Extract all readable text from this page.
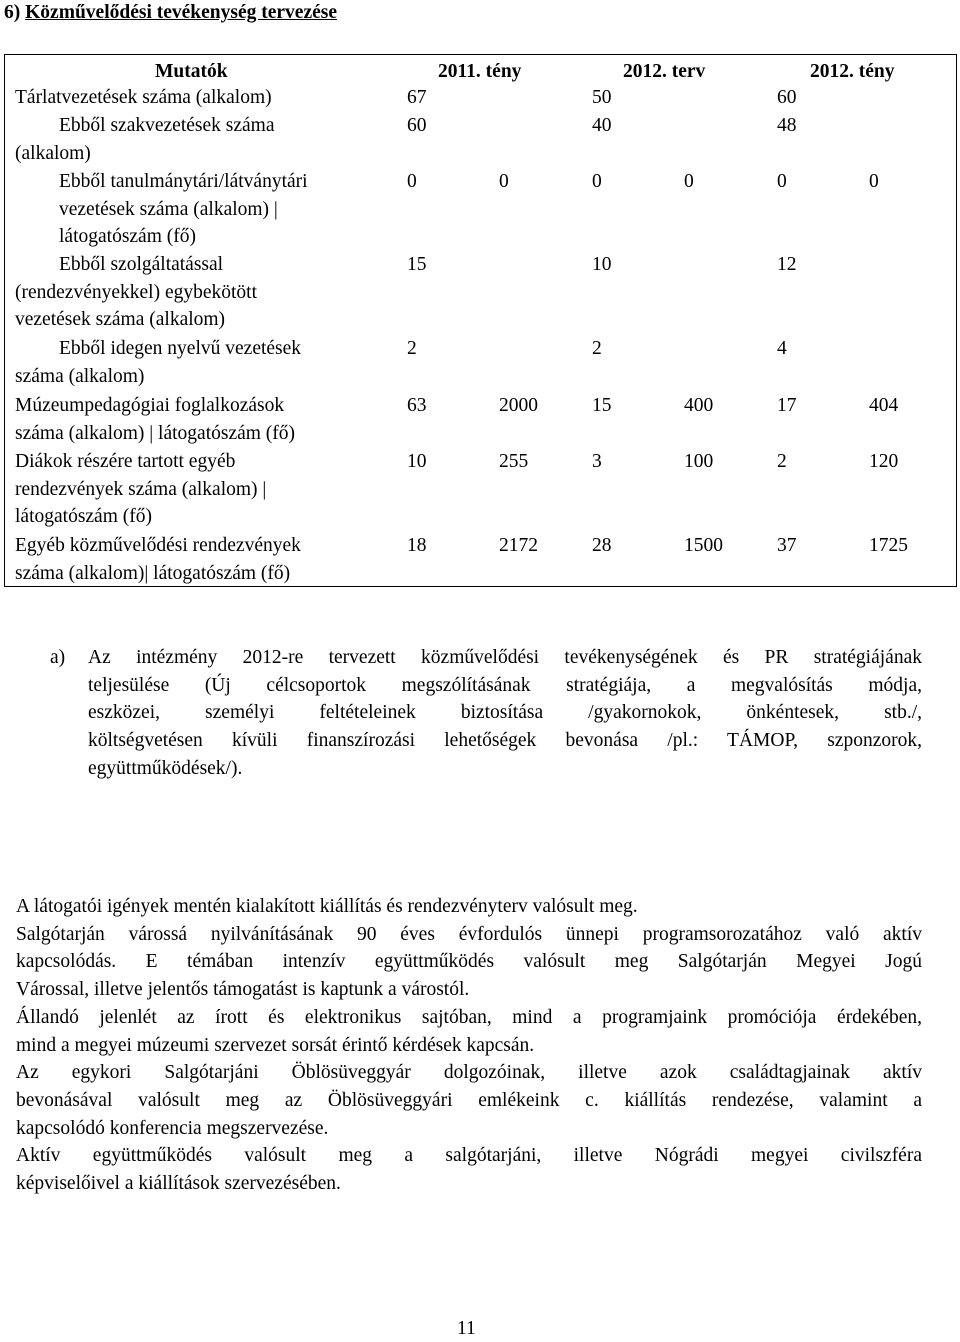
6) Közművelődési tevékenység tervezése
Mutatók	2011. tény	2012. terv	2012. tény
Tárlatvezetések száma (alkalom)	67	50	60
Ebből szakvezetések száma
(alkalom)
60	40	48
Ebből tanulmánytári/látványtári
vezetések száma (alkalom) |
látogatószám (fő)
0	0	0	0	0	0
Ebből szolgáltatással
(rendezvényekkel) egybekötött
vezetések száma (alkalom)
15	10	12
Ebből idegen nyelvű vezetések
száma (alkalom)
2	2	4
Múzeumpedagógiai foglalkozások
száma (alkalom) | látogatószám (fő)
63	2000	15	400	17	404
Diákok részére tartott egyéb
rendezvények száma (alkalom) |
látogatószám (fő)
10	255	3	100	2	120
Egyéb közművelődési rendezvények
száma (alkalom)| látogatószám (fő)
18	2172	28	1500	37	1725
a) Az intézmény 2012-re tervezett közművelődési tevékenységének és PR stratégiájának
teljesülése (Új célcsoportok megszólításának stratégiája, a megvalósítás módja,
eszközei, személyi feltételeinek biztosítása /gyakornokok, önkéntesek, stb./,
költségvetésen kívüli finanszírozási lehetőségek bevonása /pl.: TÁMOP, szponzorok,
együttműködések/).
A látogatói igények mentén kialakított kiállítás és rendezvényterv valósult meg.
Salgótarján várossá nyilvánításának 90 éves évfordulós ünnepi programsorozatához való aktív
kapcsolódás. E témában intenzív együttműködés valósult meg Salgótarján Megyei Jogú
Várossal, illetve jelentős támogatást is kaptunk a várostól.
Állandó jelenlét az írott és elektronikus sajtóban, mind a programjaink promóciója érdekében,
mind a megyei múzeumi szervezet sorsát érintő kérdések kapcsán.
Az egykori Salgótarjáni Öblösüveggyár dolgozóinak, illetve azok családtagjainak aktív
bevonásával valósult meg az Öblösüveggyári emlékeink c. kiállítás rendezése, valamint a
kapcsolódó konferencia megszervezése.
Aktív együttműködés valósult meg a salgótarjáni, illetve Nógrádi megyei civilszféra
képviselőivel a kiállítások szervezésében.
11
